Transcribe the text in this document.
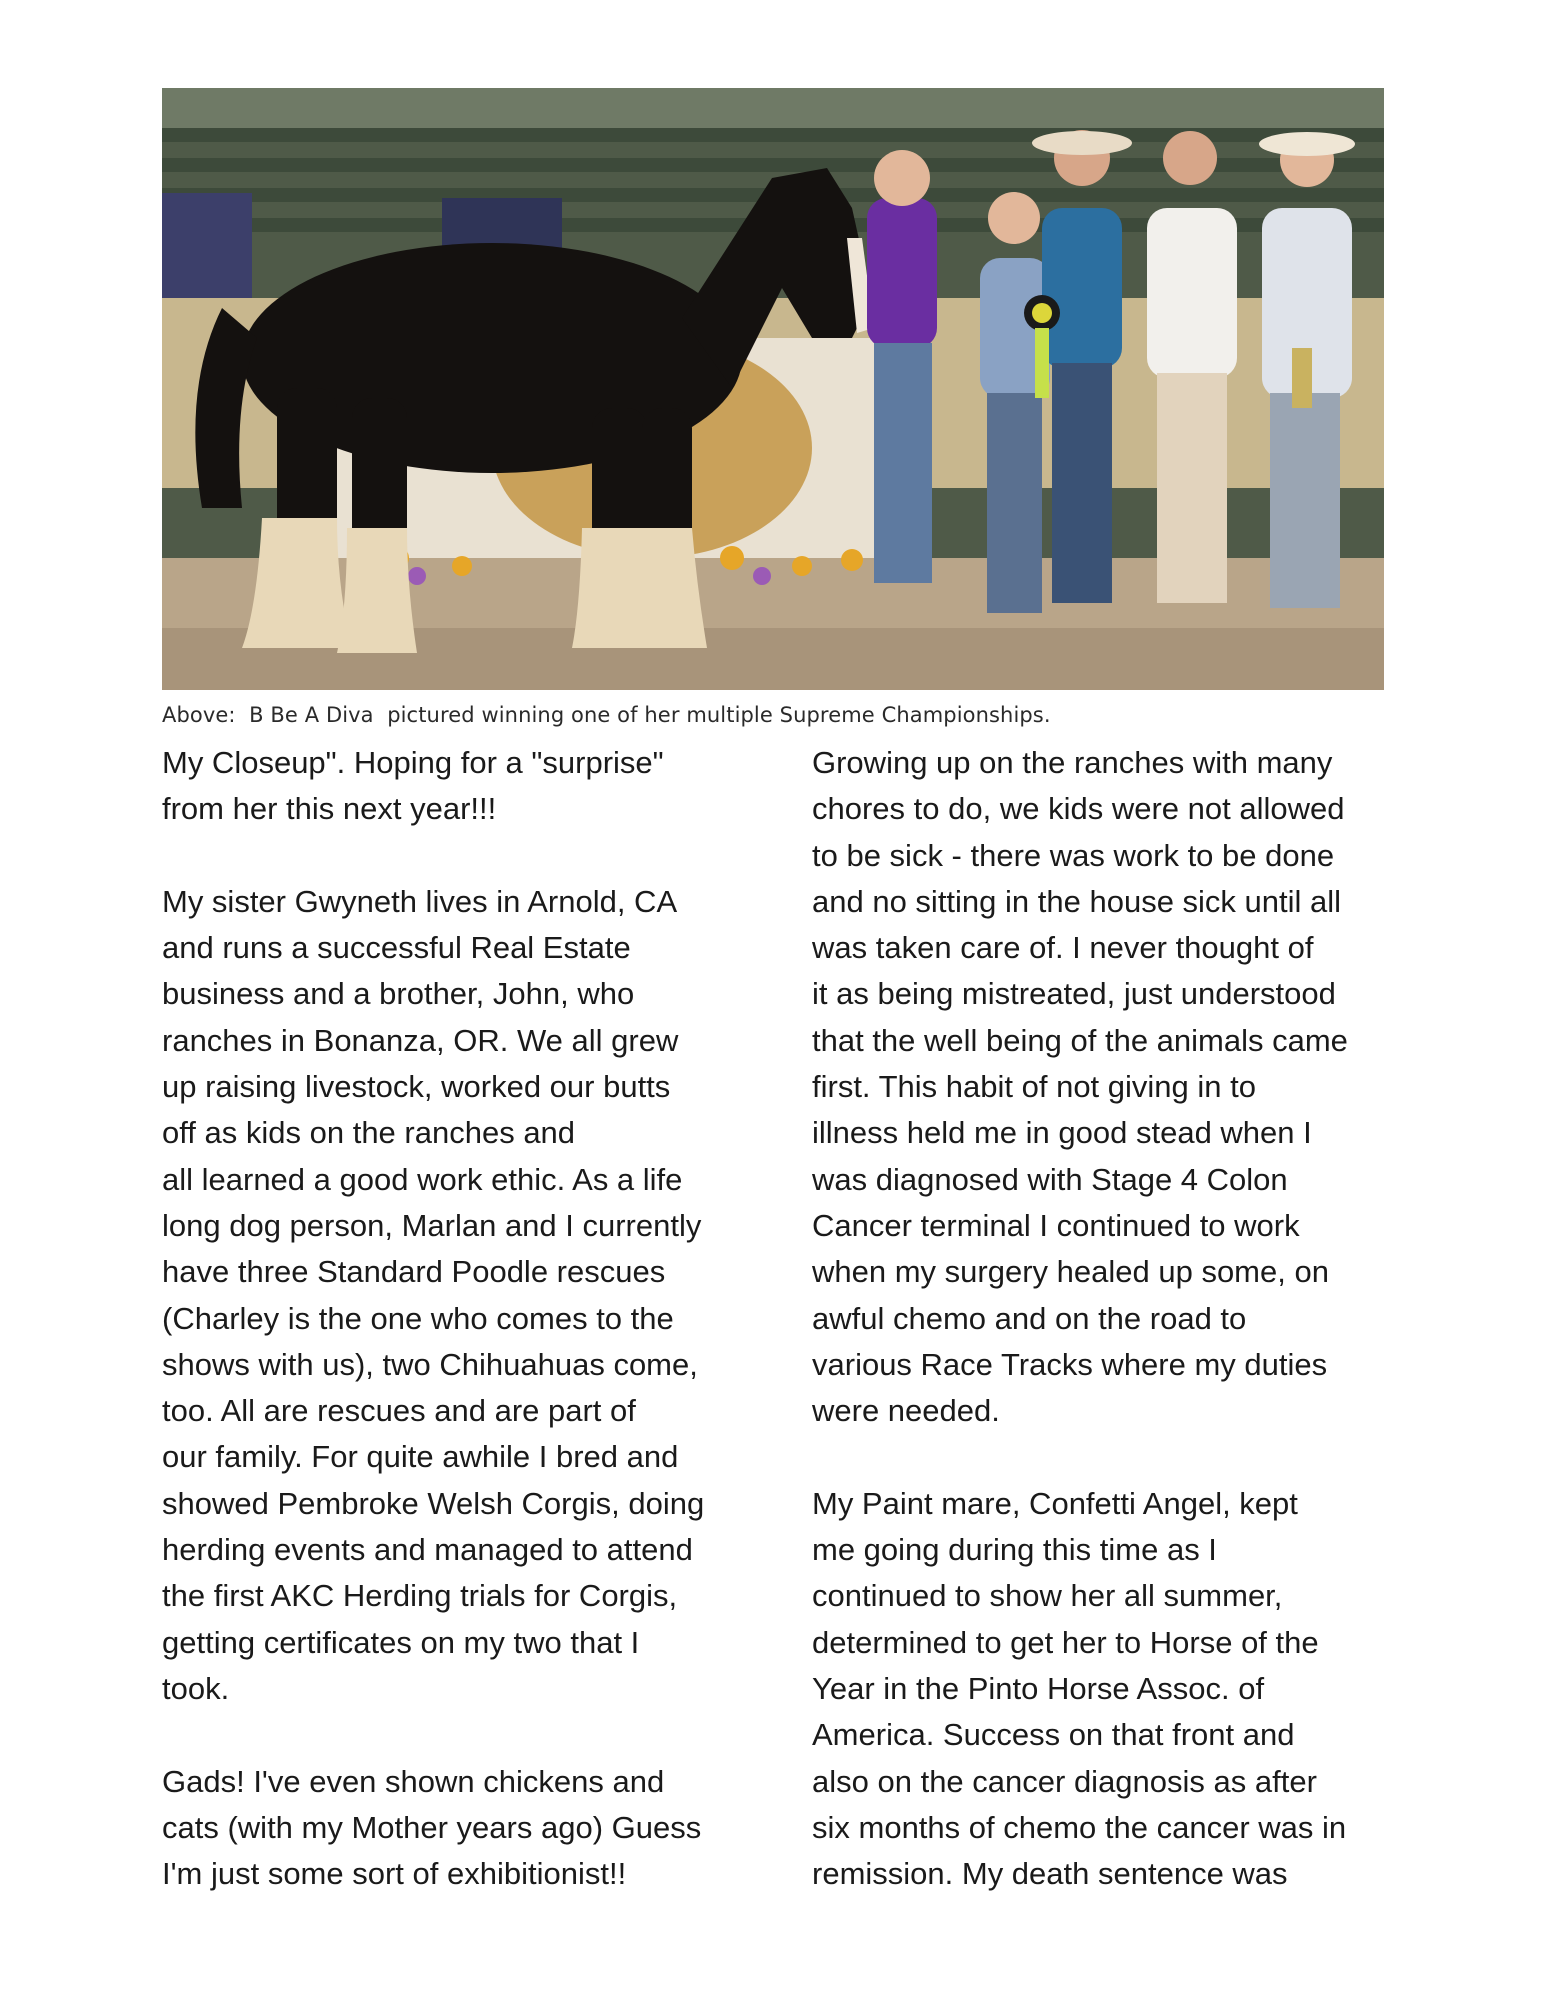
Above:  B Be A Diva  pictured winning one of her multiple Supreme Championships.

My Closeup". Hoping for a "surprise"
from her this next year!!!

My sister Gwyneth lives in Arnold, CA
and runs a successful Real Estate
business and a brother, John, who
ranches in Bonanza, OR. We all grew
up raising livestock, worked our butts
off as kids on the ranches and
all learned a good work ethic. As a life
long dog person, Marlan and I currently
have three Standard Poodle rescues
(Charley is the one who comes to the
shows with us), two Chihuahuas come,
too. All are rescues and are part of
our family. For quite awhile I bred and
showed Pembroke Welsh Corgis, doing
herding events and managed to attend
the first AKC Herding trials for Corgis,
getting certificates on my two that I
took.

Gads! I've even shown chickens and
cats (with my Mother years ago) Guess
I'm just some sort of exhibitionist!!

Growing up on the ranches with many
chores to do, we kids were not allowed
to be sick - there was work to be done
and no sitting in the house sick until all
was taken care of. I never thought of
it as being mistreated, just understood
that the well being of the animals came
first. This habit of not giving in to
illness held me in good stead when I
was diagnosed with Stage 4 Colon
Cancer terminal I continued to work
when my surgery healed up some, on
awful chemo and on the road to
various Race Tracks where my duties
were needed.

My Paint mare, Confetti Angel, kept
me going during this time as I
continued to show her all summer,
determined to get her to Horse of the
Year in the Pinto Horse Assoc. of
America. Success on that front and
also on the cancer diagnosis as after
six months of chemo the cancer was in
remission. My death sentence was
